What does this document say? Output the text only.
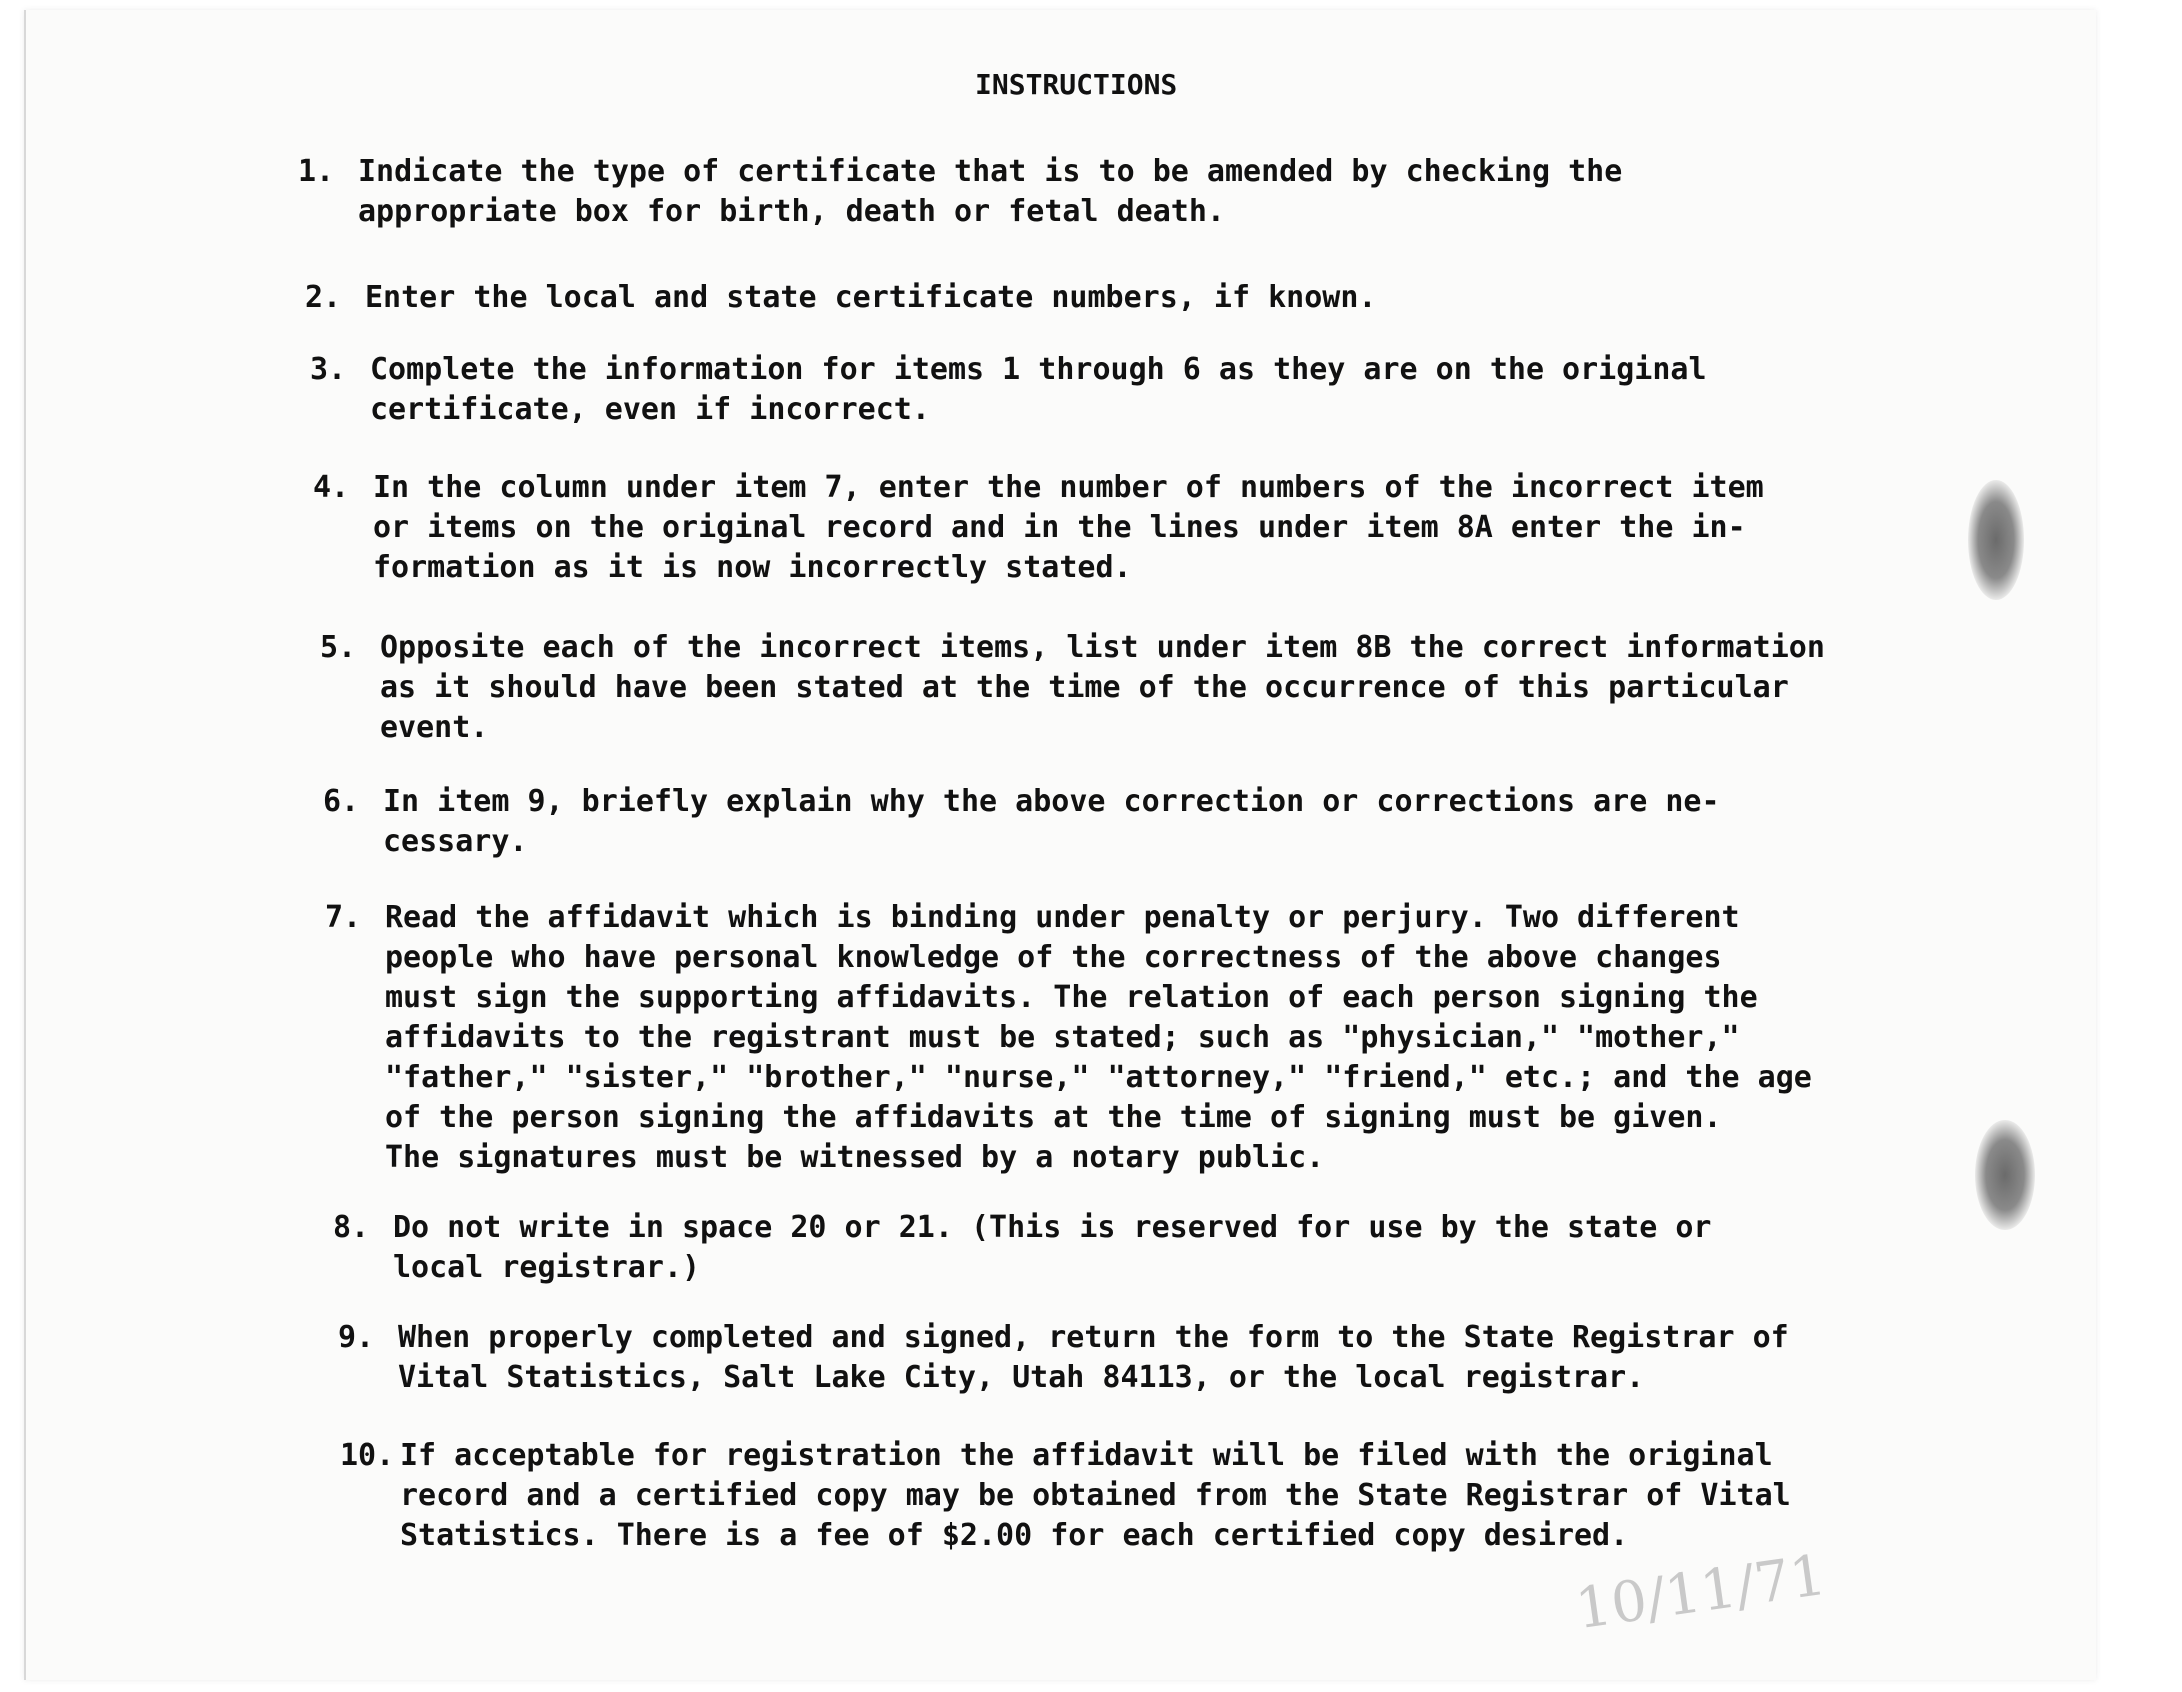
INSTRUCTIONS
1. Indicate the type of certificate that is to be amended by checking the
appropriate box for birth, death or fetal death.
2. Enter the local and state certificate numbers, if known.
3. Complete the information for items 1 through 6 as they are on the original
certificate, even if incorrect.
4. In the column under item 7, enter the number of numbers of the incorrect item
or items on the original record and in the lines under item 8A enter the in-
formation as it is now incorrectly stated.
5. Opposite each of the incorrect items, list under item 8B the correct information
as it should have been stated at the time of the occurrence of this particular
event.
6. In item 9, briefly explain why the above correction or corrections are ne-
cessary.
7. Read the affidavit which is binding under penalty or perjury. Two different
people who have personal knowledge of the correctness of the above changes
must sign the supporting affidavits. The relation of each person signing the
affidavits to the registrant must be stated; such as "physician," "mother,"
"father," "sister," "brother," "nurse," "attorney," "friend," etc.; and the age
of the person signing the affidavits at the time of signing must be given.
The signatures must be witnessed by a notary public.
8. Do not write in space 20 or 21. (This is reserved for use by the state or
local registrar.)
9. When properly completed and signed, return the form to the State Registrar of
Vital Statistics, Salt Lake City, Utah 84113, or the local registrar.
10. If acceptable for registration the affidavit will be filed with the original
record and a certified copy may be obtained from the State Registrar of Vital
Statistics. There is a fee of $2.00 for each certified copy desired.
10/11/71
